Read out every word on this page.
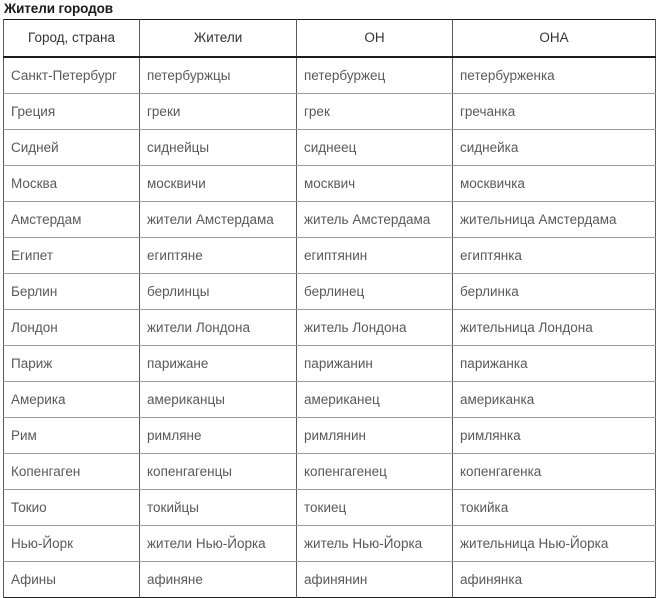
Жители городов
Город, страна	Жители	ОН	ОНА
Санкт-Петербург	петербуржцы	петербуржец	петербурженка
Греция	греки	грек	гречанка
Сидней	сиднейцы	сиднеец	сиднейка
Москва	москвичи	москвич	москвичка
Амстердам	жители Амстердама	житель Амстердама	жительница Амстердама
Египет	египтяне	египтянин	египтянка
Берлин	берлинцы	берлинец	берлинка
Лондон	жители Лондона	житель Лондона	жительница Лондона
Париж	парижане	парижанин	парижанка
Америка	американцы	американец	американка
Рим	римляне	римлянин	римлянка
Копенгаген	копенгагенцы	копенгагенец	копенгагенка
Токио	токийцы	токиец	токийка
Нью-Йорк	жители Нью-Йорка	житель Нью-Йорка	жительница Нью-Йорка
Афины	афиняне	афинянин	афинянка
